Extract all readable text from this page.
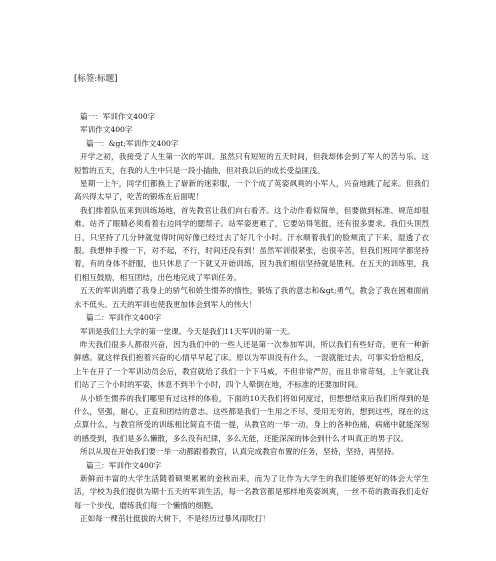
[标签:标题]

篇一：军训作文400字

军训作文400字

篇一：&gt;军训作文400字

开学之初，我接受了人生第一次的军训。虽然只有短短的五天时间，但我却体会到了军人的苦与乐。这短暂的五天，在我的人生中只是一段小插曲，但对我以后的成长受益匪浅。

星期一上午，同学们都换上了崭新的迷彩服，一个个成了英姿飒爽的小军人，兴奋地跳了起来。但我们高兴得太早了，吃苦的锻炼在后面呢！

我们排着队伍来到训练场地，首先教官让我们向右看齐。这个动作看似简单，但要做到标准、规范却很难。站齐了眼睛必须看着右边同学的腮帮子。站军姿更难了，它要站得笔挺，还有很多要求。我们头顶烈日，只坚持了几分钟就觉得时间好像已经过去了好几个小时。汗水顺着我们的脸颊流了下来，湿透了衣服。我想伸手擦一下，对不起，不行，时间还没有到！虽然军训很紧张，也很辛苦，但我们班同学都坚持着，有的身体不舒服，也只休息了一下就又开始训练，因为我们相信坚持就是胜利。在五天的训练里，我们相互鼓励，相互团结，出色地完成了军训任务。

五天的军训消磨了我身上的骄气和娇生惯养的惰性，锻炼了我的意志和&gt;勇气，教会了我在困难面前永不低头。五天的军训也使我更加体会到军人的伟大！

篇二：军训作文400字

军训是我们上大学的第一堂课。今天是我们11天军训的第一天。

昨天我们很多人都很兴奋，因为我们中的一些人还是第一次参加军训，所以我们有些好奇，更有一种新鲜感。就这样我们抱着兴奋的心情早早起了床。原以为军训没有什么，一混就能过去，可事实恰恰相反，上午在开了一个军训动员会后，教官就给了我们一个下马威，不但非常严厉，而且非常苛刻，上午就让我们站了三个小时的军姿，休息不到半个小时，四个人晕倒在地，不标准的还要加时间。

从小娇生惯养的我们哪里有过这样的体验，下面的10天我们将如何度过，但想想结束后我们所得到的是什么，坚强，耐心，正直和团结的意志。这些都是我们一生用之不尽，受用无穷的，想到这些，现在的这点算什么，与教官所受的训练相比简直不值一提，从教官的一举一动，身上的各种伤痛，病痛中就能深刻的感受到，我们是多么懒散，多么没有纪律，多么无能，还能深深的体会到什么才叫真正的男子汉。

所以从现在开始我们要一举一动都跟着教官，认真完成教官布置的任务，坚持，坚持，再坚持。

篇三：军训作文400字

新鲜而丰富的大学生活随着硕果累累的金秋而来，而为了让作为大学生的我们能够更好的体会大学生活，学校为我们提供为期十五天的军训生活，每一名教官都是那样地英姿飒爽，一丝不苟的教诲我们走好每一个步伐，磨练我们每一个懒惰的细胞。

正如每一棵茁壮挺拔的大树下，不是经历过暴风雨吹打！
